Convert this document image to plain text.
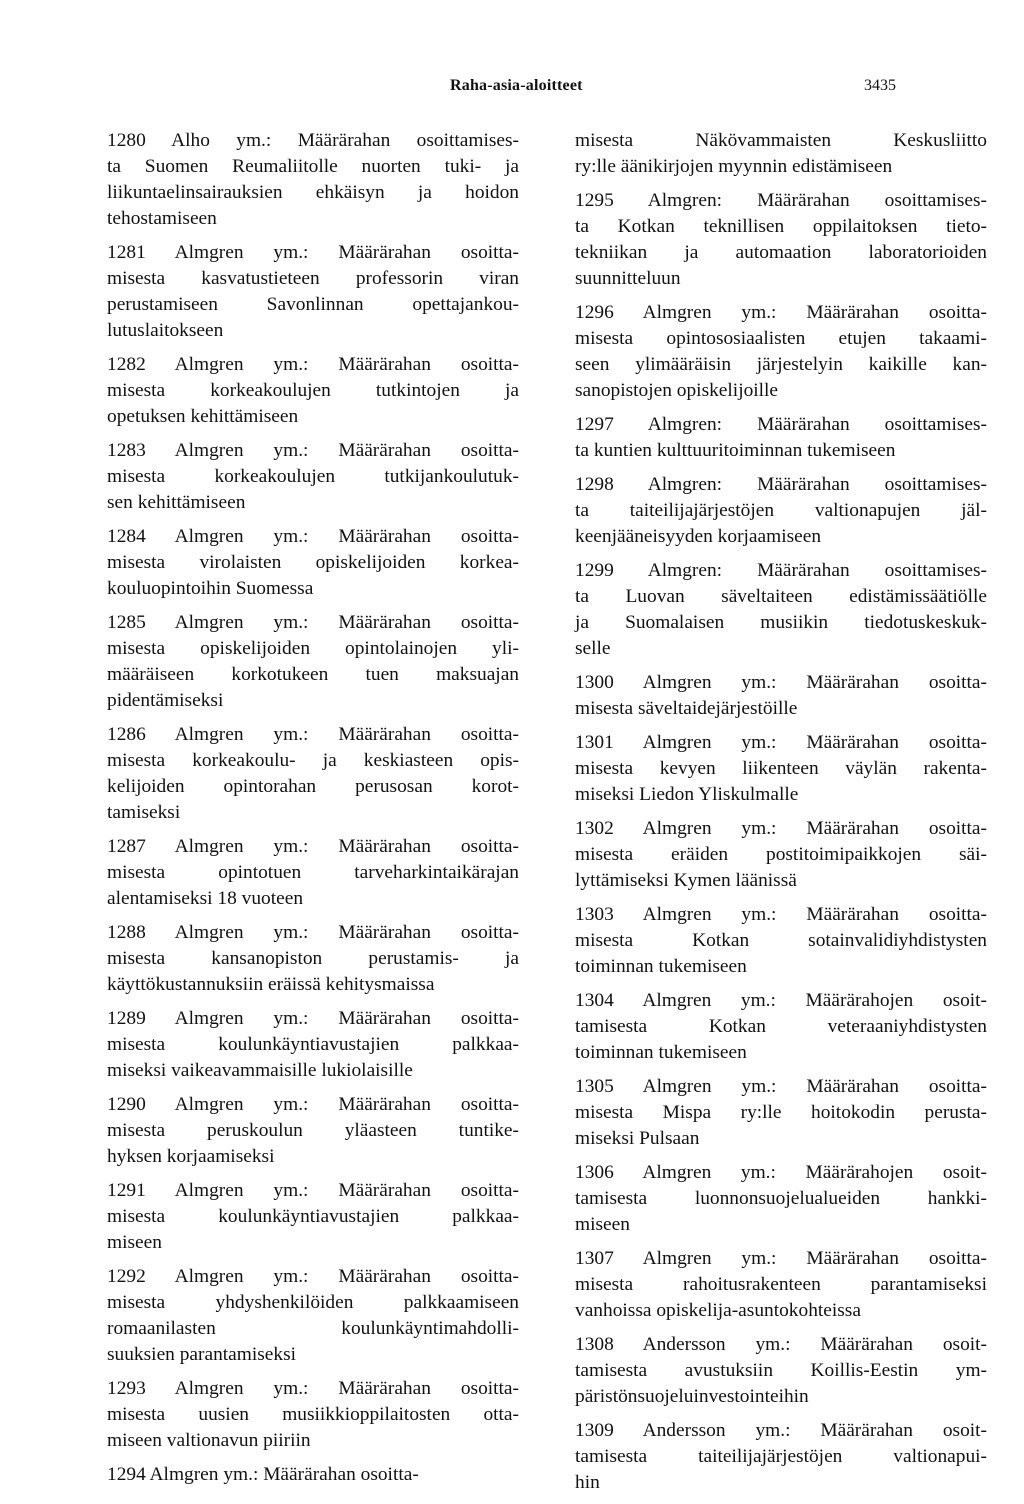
Raha-asia-aloitteet	3435
1280 Alho ym.: Määrärahan osoittamises-
ta Suomen Reumaliitolle nuorten tuki- ja
liikuntaelinsairauksien ehkäisyn ja hoidon
tehostamiseen
1281 Almgren ym.: Määrärahan osoitta-
misesta kasvatustieteen professorin viran
perustamiseen Savonlinnan opettajankou-
lutuslaitokseen
1282 Almgren ym.: Määrärahan osoitta-
misesta korkeakoulujen tutkintojen ja
opetuksen kehittämiseen
1283 Almgren ym.: Määrärahan osoitta-
misesta korkeakoulujen tutkijankoulutuk-
sen kehittämiseen
1284 Almgren ym.: Määrärahan osoitta-
misesta virolaisten opiskelijoiden korkea-
kouluopintoihin Suomessa
1285 Almgren ym.: Määrärahan osoitta-
misesta opiskelijoiden opintolainojen yli-
määräiseen korkotukeen tuen maksuajan
pidentämiseksi
1286 Almgren ym.: Määrärahan osoitta-
misesta korkeakoulu- ja keskiasteen opis-
kelijoiden opintorahan perusosan korot-
tamiseksi
1287 Almgren ym.: Määrärahan osoitta-
misesta opintotuen tarveharkintaikärajan
alentamiseksi 18 vuoteen
1288 Almgren ym.: Määrärahan osoitta-
misesta kansanopiston perustamis- ja
käyttökustannuksiin eräissä kehitysmaissa
1289 Almgren ym.: Määrärahan osoitta-
misesta koulunkäyntiavustajien palkkaa-
miseksi vaikeavammaisille lukiolaisille
1290 Almgren ym.: Määrärahan osoitta-
misesta peruskoulun yläasteen tuntike-
hyksen korjaamiseksi
1291 Almgren ym.: Määrärahan osoitta-
misesta koulunkäyntiavustajien palkkaa-
miseen
1292 Almgren ym.: Määrärahan osoitta-
misesta yhdyshenkilöiden palkkaamiseen
romaanilasten koulunkäyntimahdolli-
suuksien parantamiseksi
1293 Almgren ym.: Määrärahan osoitta-
misesta uusien musiikkioppilaitosten otta-
miseen valtionavun piiriin
1294 Almgren ym.: Määrärahan osoitta-
misesta Näkövammaisten Keskusliitto
ry:lle äänikirjojen myynnin edistämiseen
1295 Almgren: Määrärahan osoittamises-
ta Kotkan teknillisen oppilaitoksen tieto-
tekniikan ja automaation laboratorioiden
suunnitteluun
1296 Almgren ym.: Määrärahan osoitta-
misesta opintososiaalisten etujen takaami-
seen ylimääräisin järjestelyin kaikille kan-
sanopistojen opiskelijoille
1297 Almgren: Määrärahan osoittamises-
ta kuntien kulttuuritoiminnan tukemiseen
1298 Almgren: Määrärahan osoittamises-
ta taiteilijajärjestöjen valtionapujen jäl-
keenjääneisyyden korjaamiseen
1299 Almgren: Määrärahan osoittamises-
ta Luovan säveltaiteen edistämissäätiölle
ja Suomalaisen musiikin tiedotuskeskuk-
selle
1300 Almgren ym.: Määrärahan osoitta-
misesta säveltaidejärjestöille
1301 Almgren ym.: Määrärahan osoitta-
misesta kevyen liikenteen väylän rakenta-
miseksi Liedon Yliskulmalle
1302 Almgren ym.: Määrärahan osoitta-
misesta eräiden postitoimipaikkojen säi-
lyttämiseksi Kymen läänissä
1303 Almgren ym.: Määrärahan osoitta-
misesta Kotkan sotainvalidiyhdistysten
toiminnan tukemiseen
1304 Almgren ym.: Määrärahojen osoit-
tamisesta Kotkan veteraaniyhdistysten
toiminnan tukemiseen
1305 Almgren ym.: Määrärahan osoitta-
misesta Mispa ry:lle hoitokodin perusta-
miseksi Pulsaan
1306 Almgren ym.: Määrärahojen osoit-
tamisesta luonnonsuojelualueiden hankki-
miseen
1307 Almgren ym.: Määrärahan osoitta-
misesta rahoitusrakenteen parantamiseksi
vanhoissa opiskelija-asuntokohteissa
1308 Andersson ym.: Määrärahan osoit-
tamisesta avustuksiin Koillis-Eestin ym-
päristönsuojeluinvestointeihin
1309 Andersson ym.: Määrärahan osoit-
tamisesta taiteilijajärjestöjen valtionapui-
hin
